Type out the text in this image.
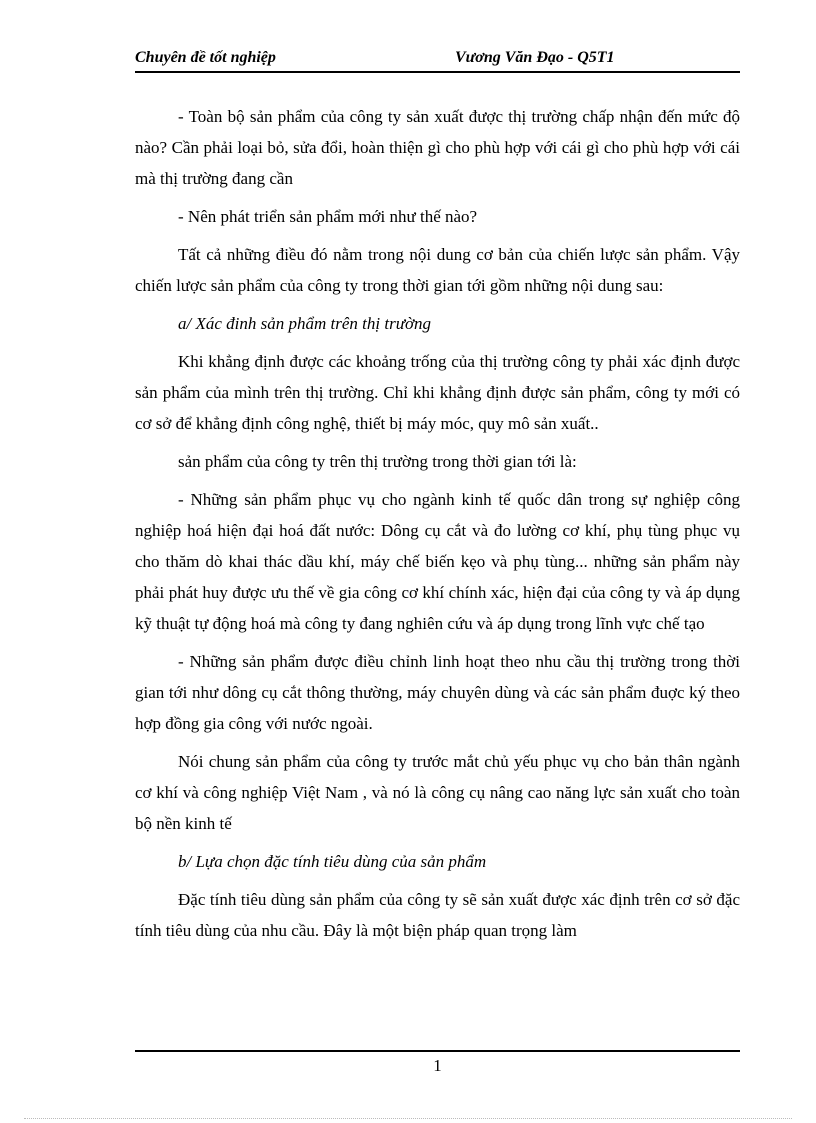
Chuyên đề tốt nghiệp	Vương Văn Đạo - Q5T1

- Toàn bộ sản phẩm của công ty sản xuất được thị trường chấp nhận đến mức độ nào? Cần phải loại bỏ, sửa đổi, hoàn thiện gì cho phù hợp với cái gì cho phù hợp với cái mà thị trường đang cần

- Nên phát triển sản phẩm mới như thế nào?

Tất cả những điều đó nằm trong nội dung cơ bản của chiến lược sản phẩm. Vậy chiến lược sản phẩm của công ty trong thời gian tới gồm những nội dung sau:

a/ Xác đinh sản phẩm trên thị trường

Khi khẳng định được các khoảng trống của thị trường công ty phải xác định được sản phẩm của mình trên thị trường. Chỉ khi khẳng định được sản phẩm, công ty mới có cơ sở để khẳng định công nghệ, thiết bị máy móc, quy mô sản xuất..

sản phẩm của công ty trên thị trường trong thời gian tới là:

- Những sản phẩm phục vụ cho ngành kinh tế quốc dân trong sự nghiệp công nghiệp hoá hiện đại hoá đất nước: Dông cụ cắt và đo lường cơ khí, phụ tùng phục vụ cho thăm dò khai thác dầu khí, máy chế biến kẹo và phụ tùng... những sản phẩm này phải phát huy được ưu thế về gia công cơ khí chính xác, hiện đại của công ty và áp dụng kỹ thuật tự động hoá mà công ty đang nghiên cứu và áp dụng trong lĩnh vực chế tạo

- Những sản phẩm được điều chỉnh linh hoạt theo nhu cầu thị trường trong thời gian tới như dông cụ cắt thông thường, máy chuyên dùng và các sản phẩm đuợc ký theo hợp đồng gia công với nước ngoài.

Nói chung sản phẩm của công ty trước mắt chủ yếu phục vụ cho bản thân ngành cơ khí và công nghiệp Việt Nam , và nó là công cụ nâng cao năng lực sản xuất cho toàn bộ nền kinh tế

b/ Lựa chọn đặc tính tiêu dùng của sản phẩm

Đặc tính tiêu dùng sản phẩm của công ty sẽ sản xuất được xác định trên cơ sở đặc tính tiêu dùng của nhu cầu. Đây là một biện pháp quan trọng làm

1
